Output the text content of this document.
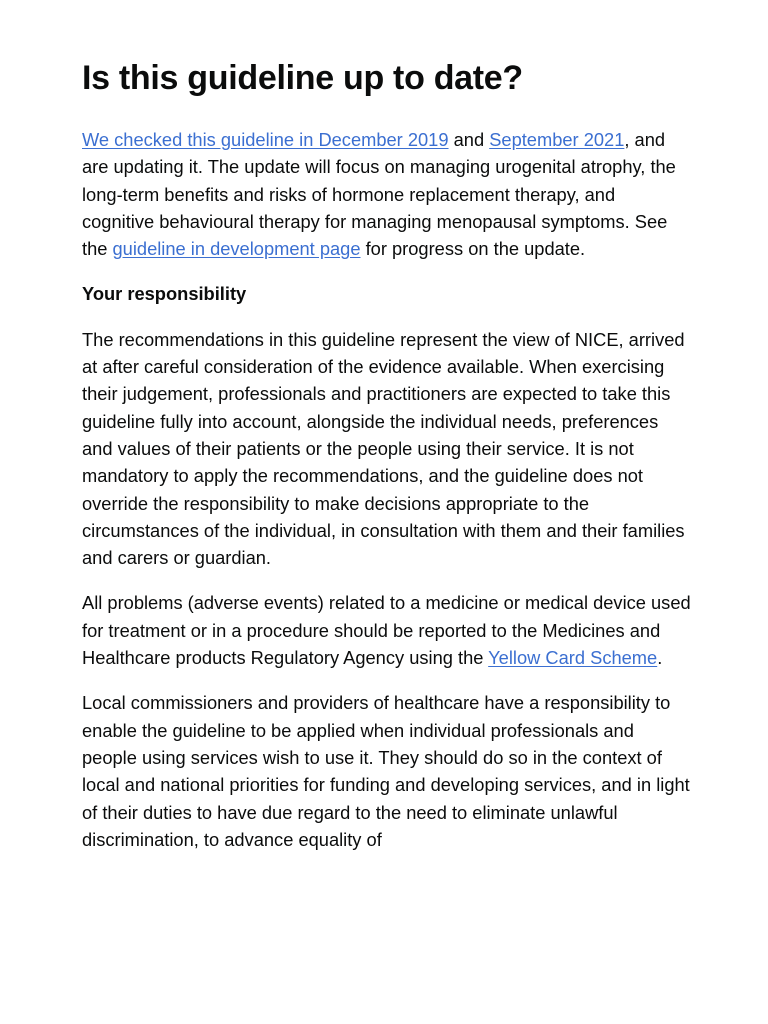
Is this guideline up to date?

We checked this guideline in December 2019 and September 2021, and are updating it. The update will focus on managing urogenital atrophy, the long-term benefits and risks of hormone replacement therapy, and cognitive behavioural therapy for managing menopausal symptoms. See the guideline in development page for progress on the update.

Your responsibility

The recommendations in this guideline represent the view of NICE, arrived at after careful consideration of the evidence available. When exercising their judgement, professionals and practitioners are expected to take this guideline fully into account, alongside the individual needs, preferences and values of their patients or the people using their service. It is not mandatory to apply the recommendations, and the guideline does not override the responsibility to make decisions appropriate to the circumstances of the individual, in consultation with them and their families and carers or guardian.

All problems (adverse events) related to a medicine or medical device used for treatment or in a procedure should be reported to the Medicines and Healthcare products Regulatory Agency using the Yellow Card Scheme.

Local commissioners and providers of healthcare have a responsibility to enable the guideline to be applied when individual professionals and people using services wish to use it. They should do so in the context of local and national priorities for funding and developing services, and in light of their duties to have due regard to the need to eliminate unlawful discrimination, to advance equality of
